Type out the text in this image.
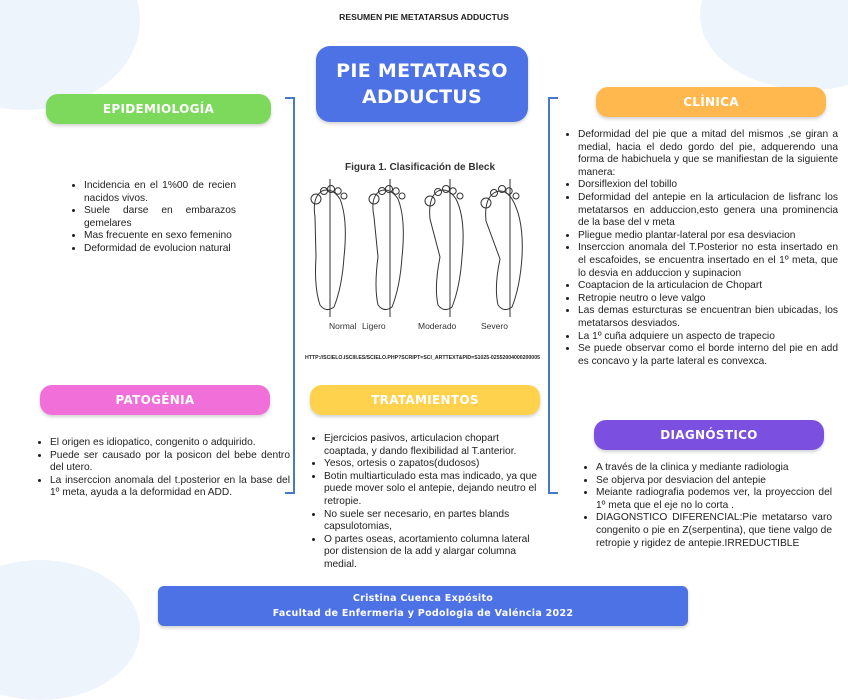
RESUMEN PIE METATARSUS ADDUCTUS
PIE METATARSO
ADDUCTUS
Figura 1. Clasificación de Bleck
Normal Ligero	Moderado	Severo
HTTP://SCIELO.ISCIII.ES/SCIELO.PHP?SCRIPT=SCI_ARTTEXT&PID=S1025-02552004000200005
EPIDEMIOLOGÍA
• Incidencia en el 1%00 de recien nacidos vivos.
• Suele darse en embarazos gemelares
• Mas frecuente en sexo femenino
• Deformidad de evolucion natural
PATOGÉNIA
• El origen es idiopatico, congenito o adquirido.
• Puede ser causado por la posicon del bebe dentro del utero.
• La inserccion anomala del t.posterior en la base del 1º meta, ayuda a la deformidad en ADD.
TRATAMIENTOS
• Ejercicios pasivos, articulacion chopart coaptada, y dando flexibilidad al T.anterior.
• Yesos, ortesis o zapatos(dudosos)
• Botin multiarticulado esta mas indicado, ya que puede mover solo el antepie, dejando neutro el retropie.
• No suele ser necesario, en partes blands capsulotomias,
• O partes oseas, acortamiento columna lateral por distension de la add y alargar columna medial.
CLÍNICA
• Deformidad del pie que a mitad del mismos ,se giran a medial, hacia el dedo gordo del pie, adquerendo una forma de habichuela y que se manifiestan de la siguiente manera:
• Dorsiflexion del tobillo
• Deformidad del antepie en la articulacion de lisfranc los metatarsos en adduccion,esto genera una prominencia de la base del v meta
• Pliegue medio plantar-lateral por esa desviacion
• Inserccion anomala del T.Posterior no esta insertado en el escafoides, se encuentra insertado en el 1º meta, que lo desvia en adduccion y supinacion
• Coaptacion de la articulacion de Chopart
• Retropie neutro o leve valgo
• Las demas esturcturas se encuentran bien ubicadas, los metatarsos desviados.
• La 1º cuña adquiere un aspecto de trapecio
• Se puede observar como el borde interno del pie en add es concavo y la parte lateral es convexca.
DIAGNÓSTICO
• A través de la clinica y mediante radiologia
• Se objerva por desviacion del antepie
• Meiante radiografia podemos ver, la proyeccion del 1º meta que el eje no lo corta .
• DIAGONSTICO DIFERENCIAL:Pie metatarso varo congenito o pie en Z(serpentina), que tiene valgo de retropie y rigidez de antepie.IRREDUCTIBLE
Cristina Cuenca Expósito
Facultad de Enfermeria y Podologia de Valéncia 2022
